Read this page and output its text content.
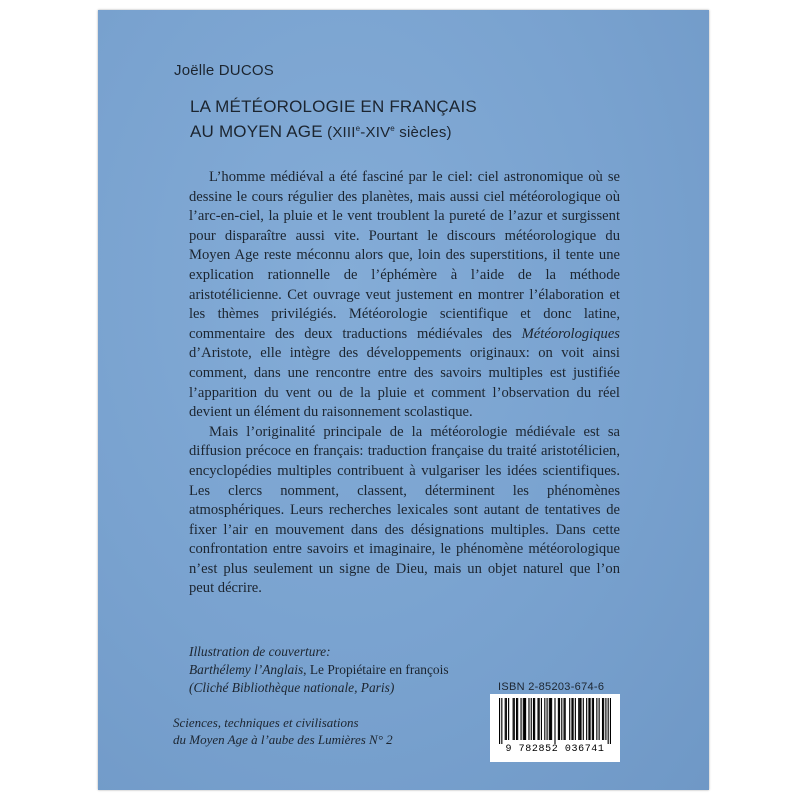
Joëlle DUCOS
LA MÉTÉOROLOGIE EN FRANÇAIS
AU MOYEN AGE (XIIIe-XIVe siècles)

L’homme médiéval a été fasciné par le ciel: ciel astronomique où se dessine le cours régulier des planètes, mais aussi ciel météorologique où l’arc-en-ciel, la pluie et le vent troublent la pureté de l’azur et surgissent pour disparaître aussi vite. Pourtant le discours météorologique du Moyen Age reste méconnu alors que, loin des superstitions, il tente une explication rationnelle de l’éphémère à l’aide de la méthode aristotélicienne. Cet ouvrage veut justement en montrer l’élaboration et les thèmes privilégiés. Météorologie scientifique et donc latine, commentaire des deux traductions médiévales des Météorologiques d’Aristote, elle intègre des développements originaux: on voit ainsi comment, dans une rencontre entre des savoirs multiples est justifiée l’apparition du vent ou de la pluie et comment l’observation du réel devient un élément du raisonnement scolastique.

Mais l’originalité principale de la météorologie médiévale est sa diffusion précoce en français: traduction française du traité aristotélicien, encyclopédies multiples contribuent à vulgariser les idées scientifiques. Les clercs nomment, classent, déterminent les phénomènes atmosphériques. Leurs recherches lexicales sont autant de tentatives de fixer l’air en mouvement dans des désignations multiples. Dans cette confrontation entre savoirs et imaginaire, le phénomène météorologique n’est plus seulement un signe de Dieu, mais un objet naturel que l’on peut décrire.

Illustration de couverture:
Barthélemy l’Anglais, Le Propiétaire en françois
(Cliché Bibliothèque nationale, Paris)
Sciences, techniques et civilisations
du Moyen Age à l’aube des Lumières N° 2
ISBN 2-85203-674-6
9 782852 036741
